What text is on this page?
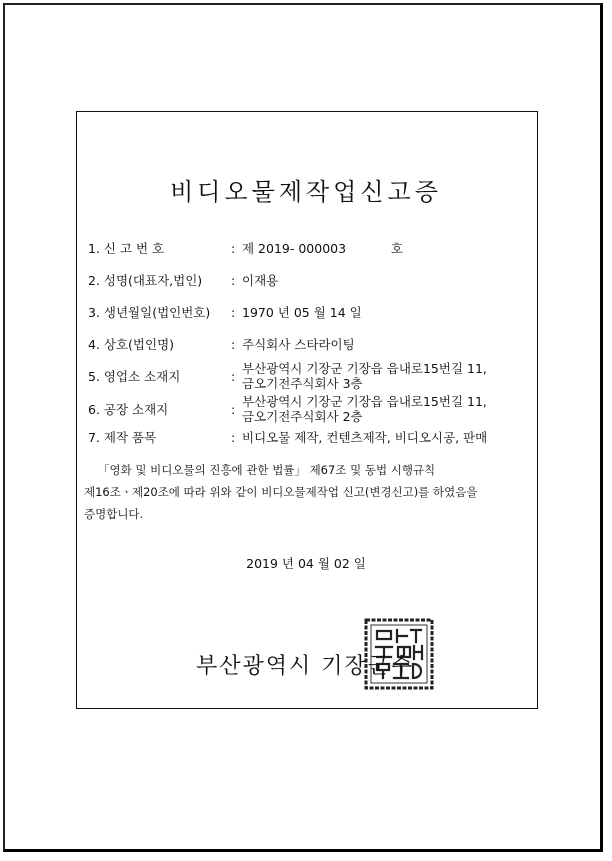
비디오물제작업신고증
1. 신 고 번 호	: 제 2019- 000003	호
2. 성명(대표자,법인) : 이재용
3. 생년월일(법인번호) : 1970 년 05 월 14 일
4. 상호(법인명)	: 주식회사 스타라이팅
5. 영업소 소재지	:
부산광역시 기장군 기장읍 읍내로15번길 11,
금오기전주식회사 3층
6. 공장 소재지	:
부산광역시 기장군 기장읍 읍내로15번길 11,
금오기전주식회사 2층
7. 제작 품목	: 비디오물 제작, 컨텐츠제작, 비디오시공, 판매
「영화 및 비디오물의 진흥에 관한 법률」 제67조 및 동법 시행규칙
제16조ㆍ제20조에 따라 위와 같이 비디오물제작업 신고(변경신고)를 하였음을
증명합니다.
2019 년 04 월 02 일
부산광역시 기장군수
